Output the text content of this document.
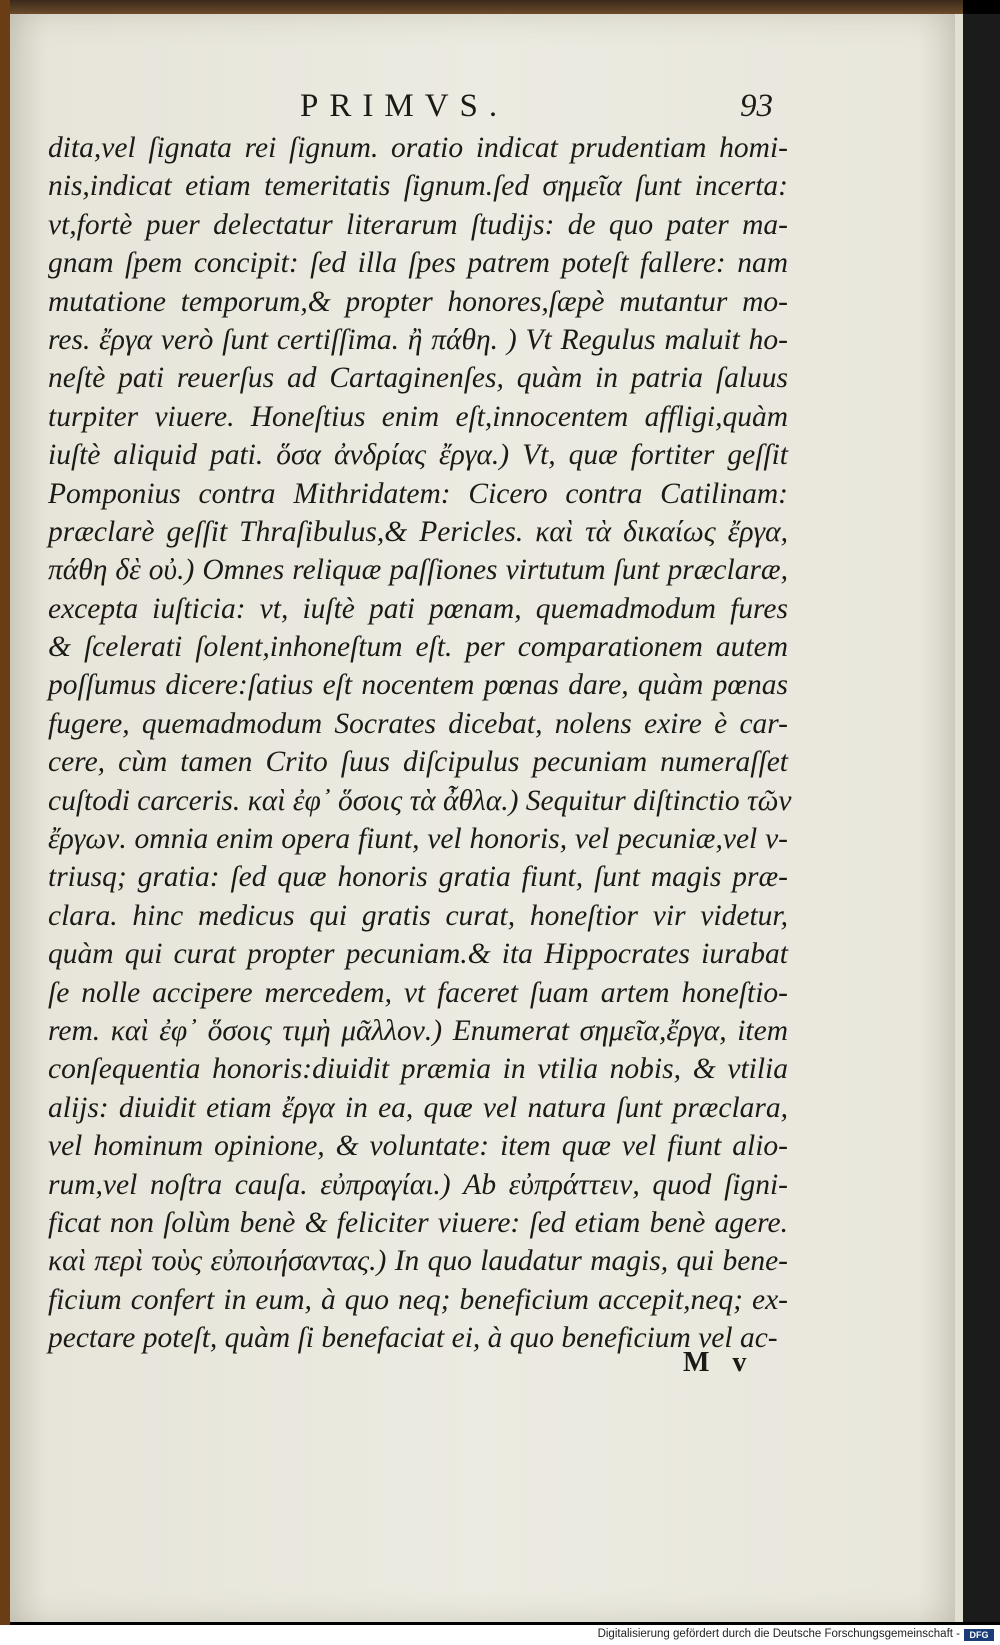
PRIMVS.	93
dita,vel ſignata rei ſignum. oratio indicat prudentiam homi-
nis,indicat etiam temeritatis ſignum.ſed σημεῖα ſunt incerta:
vt,fortè puer delectatur literarum ſtudijs: de quo pater ma-
gnam ſpem concipit: ſed illa ſpes patrem poteſt fallere: nam
mutatione temporum,& propter honores,ſæpè mutantur mo-
res. ἔργα verò ſunt certiſſima. ἢ πάθη. ) Vt Regulus maluit ho-
neſtè pati reuerſus ad Cartaginenſes, quàm in patria ſaluus
turpiter viuere. Honeſtius enim eſt,innocentem affligi,quàm
iuſtè aliquid pati. ὅσα ἀνδρίας ἔργα.) Vt, quæ fortiter geſſit
Pomponius contra Mithridatem: Cicero contra Catilinam:
præclarè geſſit Thraſibulus,& Pericles. καὶ τὰ δικαίως ἔργα,
πάθη δὲ οὐ.) Omnes reliquæ paſſiones virtutum ſunt præclaræ,
excepta iuſticia: vt, iuſtè pati pœnam, quemadmodum fures
& ſcelerati ſolent,inhoneſtum eſt. per comparationem autem
poſſumus dicere:ſatius eſt nocentem pœnas dare, quàm pœnas
fugere, quemadmodum Socrates dicebat, nolens exire è car-
cere, cùm tamen Crito ſuus diſcipulus pecuniam numeraſſet
cuſtodi carceris. καὶ ἐφ᾽ ὅσοις τὰ ἆθλα.) Sequitur diſtinctio τῶν
ἔργων. omnia enim opera fiunt, vel honoris, vel pecuniæ,vel v-
triusq; gratia: ſed quæ honoris gratia fiunt, ſunt magis præ-
clara. hinc medicus qui gratis curat, honeſtior vir videtur,
quàm qui curat propter pecuniam.& ita Hippocrates iurabat
ſe nolle accipere mercedem, vt faceret ſuam artem honeſtio-
rem. καὶ ἐφ᾽ ὅσοις τιμὴ μᾶλλον.) Enumerat σημεῖα,ἔργα, item
conſequentia honoris:diuidit præmia in vtilia nobis, & vtilia
alijs: diuidit etiam ἔργα in ea, quæ vel natura ſunt præclara,
vel hominum opinione, & voluntate: item quæ vel fiunt alio-
rum,vel noſtra cauſa. εὐπραγίαι.) Ab εὐπράττειν, quod ſigni-
ficat non ſolùm benè & feliciter viuere: ſed etiam benè agere.
καὶ περὶ τοὺς εὐποιήσαντας.) In quo laudatur magis, qui bene-
ficium confert in eum, à quo neq; beneficium accepit,neq; ex-
pectare poteſt, quàm ſi benefaciat ei, à quo beneficium vel ac-
M v
Digitalisierung gefördert durch die Deutsche Forschungsgemeinschaft -	DFG
